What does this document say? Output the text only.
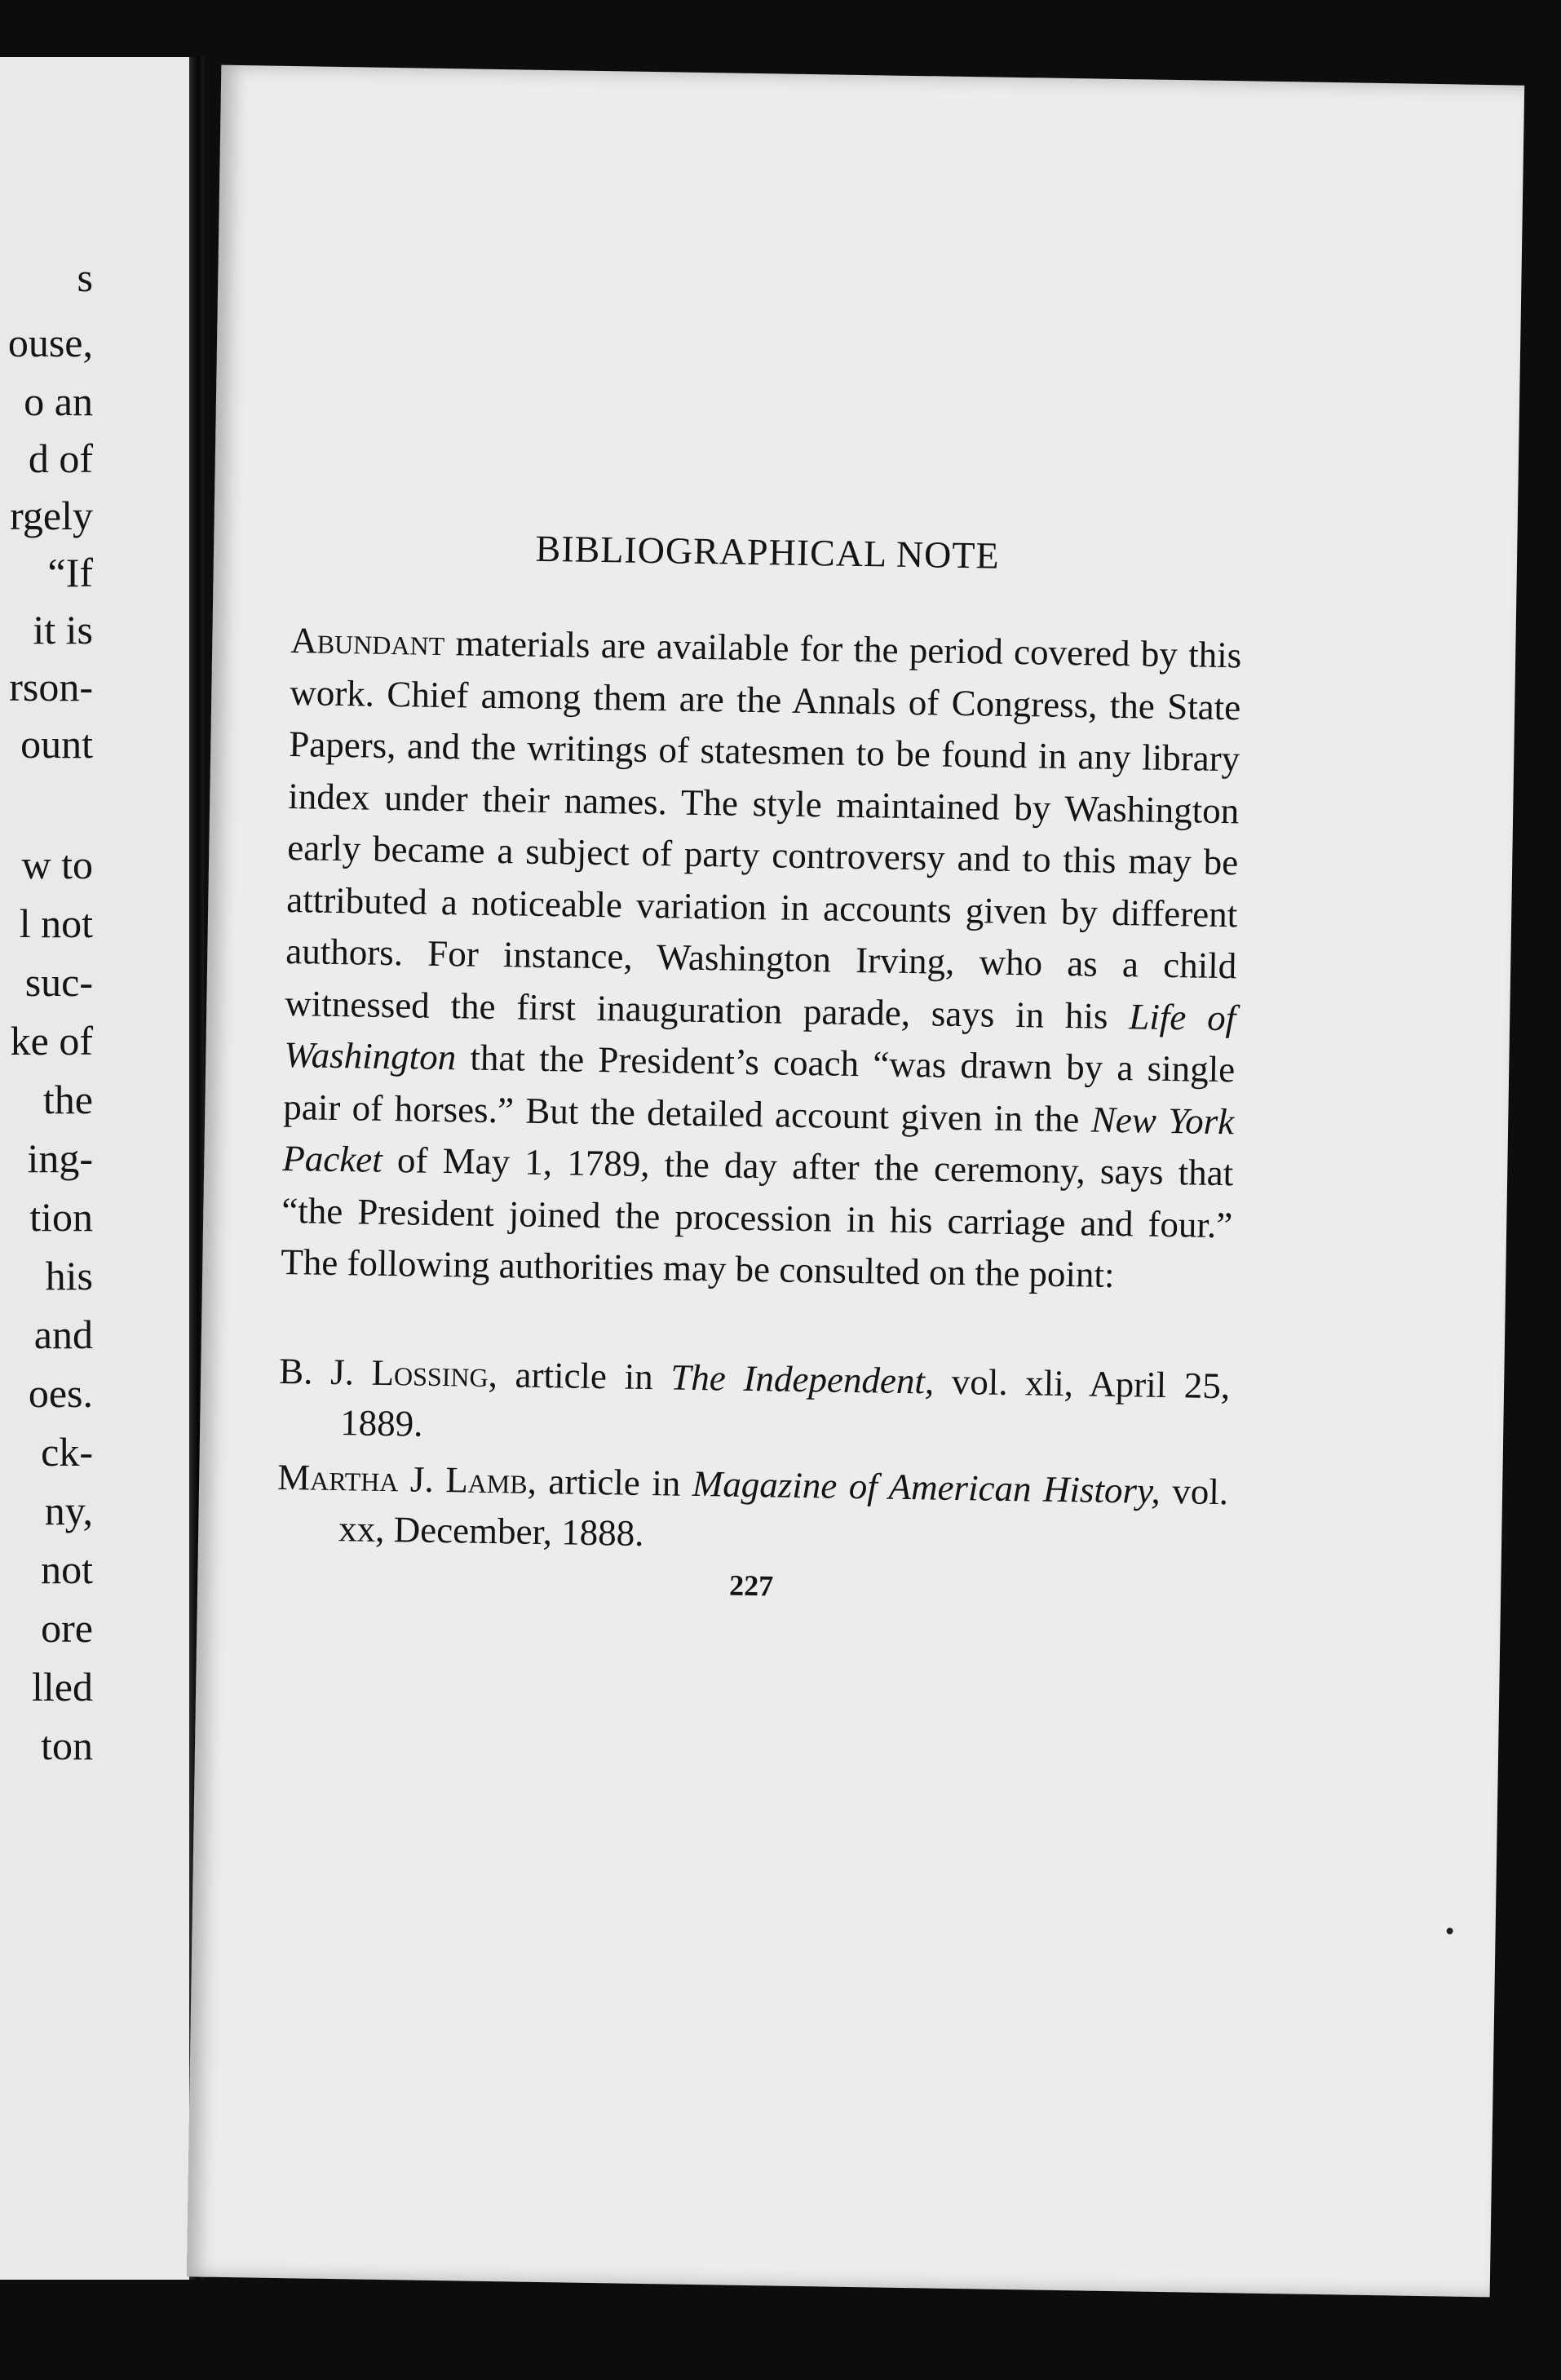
s
ouse,
o an
d of
rgely
“If
it is
rson-
ount
w to
l not
suc-
ke of
the
ing-
tion
his
and
oes.
ck-
ny,
not
ore
lled
ton
BIBLIOGRAPHICAL NOTE

Abundant materials are available for the period covered by this work. Chief among them are the Annals of Congress, the State Papers, and the writings of statesmen to be found in any library index under their names. The style maintained by Washington early became a subject of party controversy and to this may be attributed a noticeable variation in accounts given by different authors. For instance, Washington Irving, who as a child witnessed the first inauguration parade, says in his Life of Washington that the President’s coach “was drawn by a single pair of horses.” But the detailed account given in the New York Packet of May 1, 1789, the day after the ceremony, says that “the President joined the procession in his carriage and four.” The following authorities may be consulted on the point:

B. J. Lossing, article in The Independent, vol. xli, April 25, 1889.

Martha J. Lamb, article in Magazine of American History, vol. xx, December, 1888.

227
